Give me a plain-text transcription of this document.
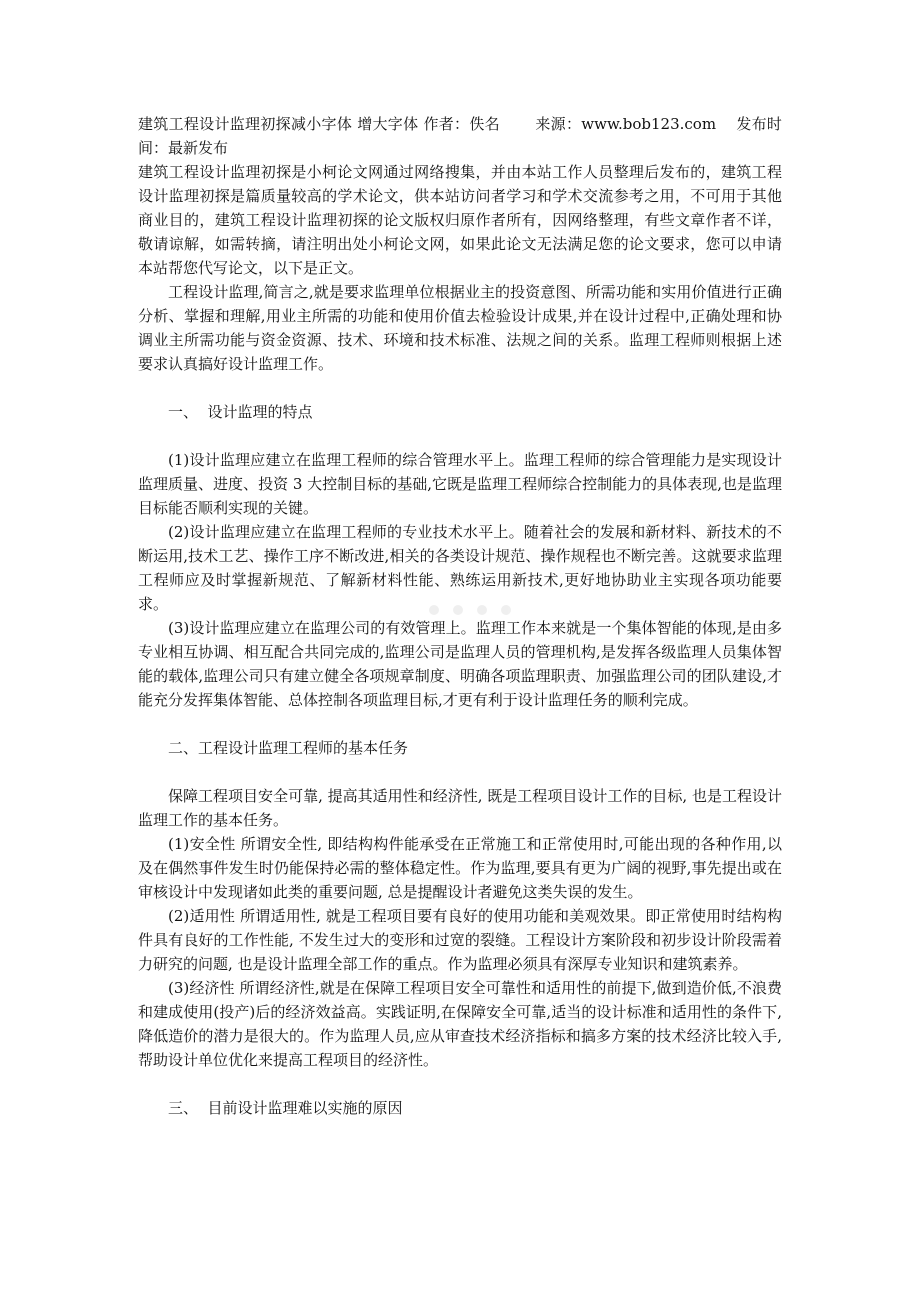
建筑工程设计监理初探减小字体 增大字体 作者：佚名 来源：www.bob123.com 发布时间：最新发布

建筑工程设计监理初探是小柯论文网通过网络搜集，并由本站工作人员整理后发布的，建筑工程设计监理初探是篇质量较高的学术论文，供本站访问者学习和学术交流参考之用，不可用于其他商业目的，建筑工程设计监理初探的论文版权归原作者所有，因网络整理，有些文章作者不详，敬请谅解，如需转摘，请注明出处小柯论文网，如果此论文无法满足您的论文要求，您可以申请本站帮您代写论文，以下是正文。

工程设计监理,简言之,就是要求监理单位根据业主的投资意图、所需功能和实用价值进行正确分析、掌握和理解,用业主所需的功能和使用价值去检验设计成果,并在设计过程中,正确处理和协调业主所需功能与资金资源、技术、环境和技术标准、法规之间的关系。监理工程师则根据上述要求认真搞好设计监理工作。

一、  设计监理的特点

(1)设计监理应建立在监理工程师的综合管理水平上。监理工程师的综合管理能力是实现设计监理质量、进度、投资 3 大控制目标的基础,它既是监理工程师综合控制能力的具体表现,也是监理目标能否顺利实现的关键。

(2)设计监理应建立在监理工程师的专业技术水平上。随着社会的发展和新材料、新技术的不断运用,技术工艺、操作工序不断改进,相关的各类设计规范、操作规程也不断完善。这就要求监理工程师应及时掌握新规范、了解新材料性能、熟练运用新技术,更好地协助业主实现各项功能要求。

(3)设计监理应建立在监理公司的有效管理上。监理工作本来就是一个集体智能的体现,是由多专业相互协调、相互配合共同完成的,监理公司是监理人员的管理机构,是发挥各级监理人员集体智能的载体,监理公司只有建立健全各项规章制度、明确各项监理职责、加强监理公司的团队建设,才能充分发挥集体智能、总体控制各项监理目标,才更有利于设计监理任务的顺利完成。

二、工程设计监理工程师的基本任务

保障工程项目安全可靠, 提高其适用性和经济性, 既是工程项目设计工作的目标, 也是工程设计监理工作的基本任务。

(1)安全性 所谓安全性, 即结构构件能承受在正常施工和正常使用时,可能出现的各种作用,以及在偶然事件发生时仍能保持必需的整体稳定性。作为监理,要具有更为广阔的视野,事先提出或在审核设计中发现诸如此类的重要问题, 总是提醒设计者避免这类失误的发生。

(2)适用性 所谓适用性, 就是工程项目要有良好的使用功能和美观效果。即正常使用时结构构件具有良好的工作性能, 不发生过大的变形和过宽的裂缝。工程设计方案阶段和初步设计阶段需着力研究的问题, 也是设计监理全部工作的重点。作为监理必须具有深厚专业知识和建筑素养。

(3)经济性 所谓经济性,就是在保障工程项目安全可靠性和适用性的前提下,做到造价低,不浪费和建成使用(投产)后的经济效益高。实践证明,在保障安全可靠,适当的设计标准和适用性的条件下,降低造价的潜力是很大的。作为监理人员,应从审查技术经济指标和搞多方案的技术经济比较入手,帮助设计单位优化来提高工程项目的经济性。

三、  目前设计监理难以实施的原因
